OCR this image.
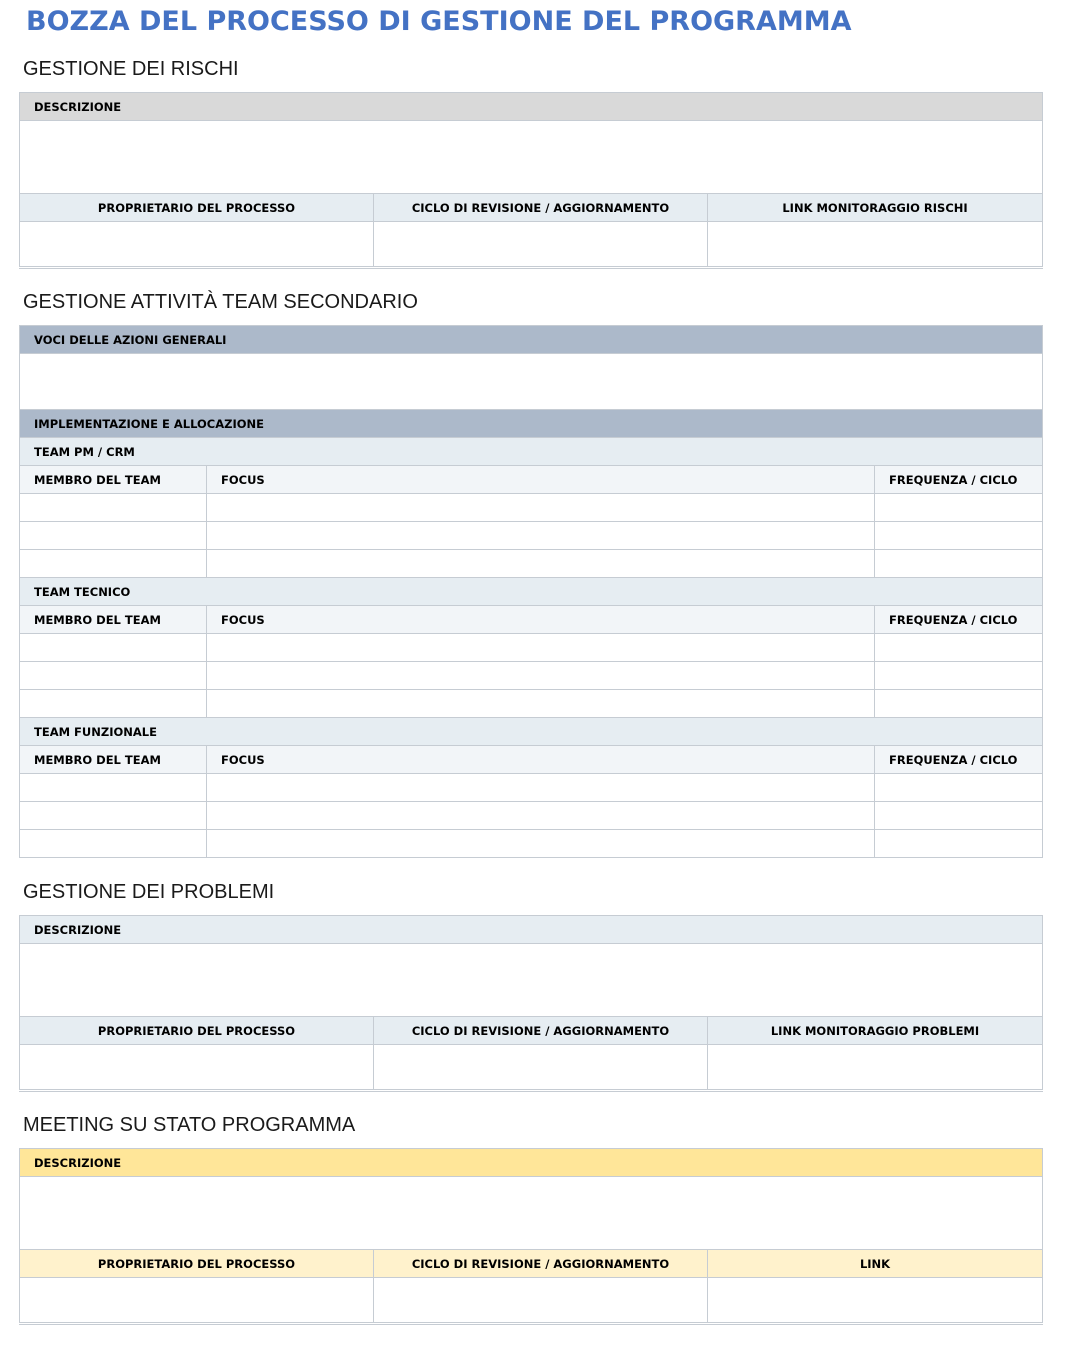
BOZZA DEL PROCESSO DI GESTIONE DEL PROGRAMMA
GESTIONE DEI RISCHI
DESCRIZIONE		

PROPRIETARIO DEL PROCESSO	CICLO DI REVISIONE / AGGIORNAMENTO	LINK MONITORAGGIO RISCHI

GESTIONE ATTIVITÀ TEAM SECONDARIO
VOCI DELLE AZIONI GENERALI		

IMPLEMENTAZIONE E ALLOCAZIONE		
TEAM PM / CRM		
MEMBRO DEL TEAM	FOCUS	FREQUENZA / CICLO

TEAM TECNICO		
MEMBRO DEL TEAM	FOCUS	FREQUENZA / CICLO

TEAM FUNZIONALE		
MEMBRO DEL TEAM	FOCUS	FREQUENZA / CICLO

GESTIONE DEI PROBLEMI
DESCRIZIONE		

PROPRIETARIO DEL PROCESSO	CICLO DI REVISIONE / AGGIORNAMENTO	LINK MONITORAGGIO PROBLEMI

MEETING SU STATO PROGRAMMA
DESCRIZIONE		

PROPRIETARIO DEL PROCESSO	CICLO DI REVISIONE / AGGIORNAMENTO	LINK
